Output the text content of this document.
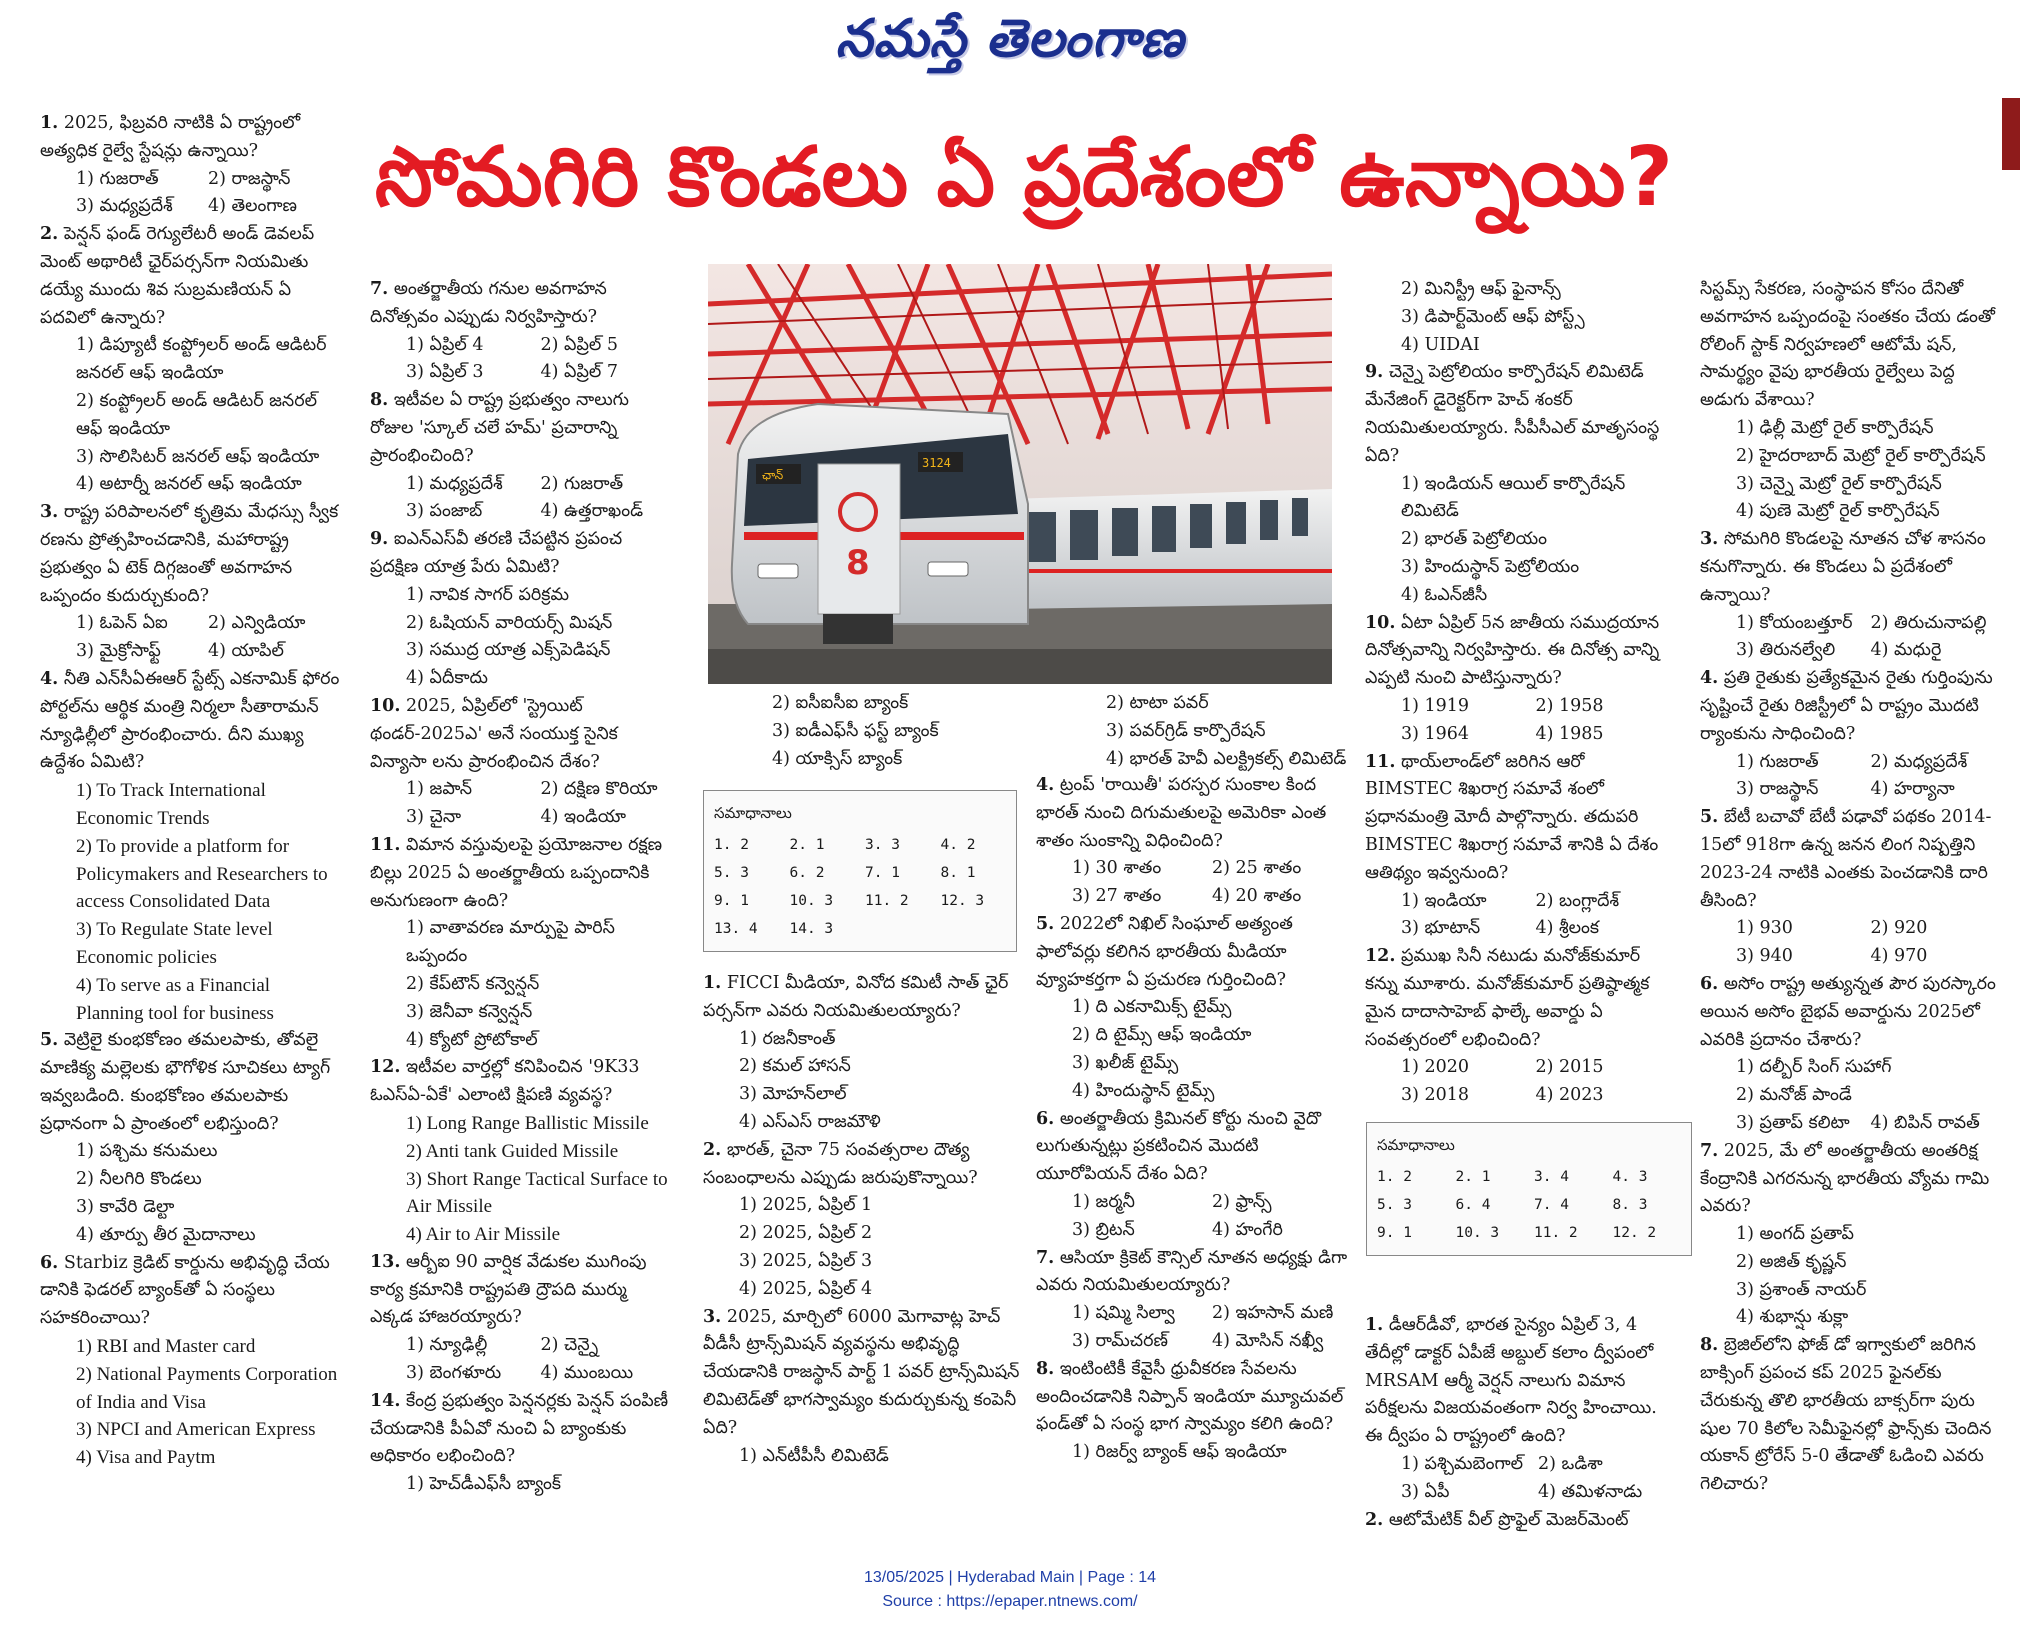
నమస్తే తెలంగాణ
సోమగిరి కొండలు ఏ ప్రదేశంలో ఉన్నాయి?

1. 2025, ఫిబ్రవరి నాటికి ఏ రాష్ట్రంలో అత్యధిక రైల్వే స్టేషన్లు ఉన్నాయి?

1) గుజరాత్	2) రాజస్థాన్
3) మధ్యప్రదేశ్	4) తెలంగాణ

2. పెన్షన్ ఫండ్ రెగ్యులేటరీ అండ్ డెవలప్ మెంట్ అథారిటీ ఛైర్‌పర్సన్‌గా నియమితు డయ్యే ముందు శివ సుబ్రమణియన్ ఏ పదవిలో ఉన్నారు?

1) డిప్యూటీ కంప్ట్రోలర్ అండ్ ఆడిటర్ జనరల్ ఆఫ్ ఇండియా

2) కంప్ట్రోలర్ అండ్ ఆడిటర్ జనరల్ ఆఫ్ ఇండియా

3) సొలిసిటర్ జనరల్ ఆఫ్ ఇండియా

4) అటార్నీ జనరల్ ఆఫ్ ఇండియా

3. రాష్ట్ర పరిపాలనలో కృత్రిమ మేధస్సు స్వీక రణను ప్రోత్సహించడానికి, మహారాష్ట్ర ప్రభుత్వం ఏ టెక్ దిగ్గజంతో అవగాహన ఒప్పందం కుదుర్చుకుంది?

1) ఓపెన్ ఏఐ	2) ఎన్విడియా
3) మైక్రోసాఫ్ట్	4) యాపిల్

4. నీతి ఎన్‌సీఏఈఆర్ స్టేట్స్ ఎకనామిక్ ఫోరం పోర్టల్‌ను ఆర్థిక మంత్రి నిర్మలా సీతారామన్ న్యూఢిల్లీలో ప్రారంభించారు. దీని ముఖ్య ఉద్దేశం ఏమిటి?

1) To Track International Economic Trends

2) To provide a platform for Policymakers and Researchers to access Consolidated Data

3) To Regulate State level Economic policies

4) To serve as a Financial Planning tool for business

5. వెట్రిలై కుంభకోణం తమలపాకు, తోవలై మాణిక్య మల్లెలకు భౌగోళిక సూచికలు ట్యాగ్ ఇవ్వబడింది. కుంభకోణం తమలపాకు ప్రధానంగా ఏ ప్రాంతంలో లభిస్తుంది?

1) పశ్చిమ కనుమలు

2) నీలగిరి కొండలు

3) కావేరి డెల్టా

4) తూర్పు తీర మైదానాలు

6. Starbiz క్రెడిట్ కార్డును అభివృద్ధి చేయ డానికి ఫెడరల్ బ్యాంక్‌తో ఏ సంస్థలు సహకరించాయి?

1) RBI and Master card

2) National Payments Corporation of India and Visa

3) NPCI and American Express

4) Visa and Paytm

7. అంతర్జాతీయ గనుల అవగాహన దినోత్సవం ఎప్పుడు నిర్వహిస్తారు?

1) ఏప్రిల్ 4	2) ఏప్రిల్ 5
3) ఏప్రిల్ 3	4) ఏప్రిల్ 7

8. ఇటీవల ఏ రాష్ట్ర ప్రభుత్వం నాలుగు రోజుల 'స్కూల్ చలే హమ్' ప్రచారాన్ని ప్రారంభించింది?

1) మధ్యప్రదేశ్	2) గుజరాత్
3) పంజాబ్	4) ఉత్తరాఖండ్

9. ఐఎన్ఎస్‌వీ తరణి చేపట్టిన ప్రపంచ ప్రదక్షిణ యాత్ర పేరు ఏమిటి?

1) నావిక సాగర్ పరిక్రమ

2) ఓషియన్ వారియర్స్ మిషన్

3) సముద్ర యాత్ర ఎక్స్‌పెడిషన్

4) ఏదీకాదు

10. 2025, ఏప్రిల్‌లో 'స్ట్రెయిట్ థండర్-2025ఎ' అనే సంయుక్త సైనిక విన్యాసా లను ప్రారంభించిన దేశం?

1) జపాన్	2) దక్షిణ కొరియా
3) చైనా	4) ఇండియా

11. విమాన వస్తువులపై ప్రయోజనాల రక్షణ బిల్లు 2025 ఏ అంతర్జాతీయ ఒప్పందానికి అనుగుణంగా ఉంది?

1) వాతావరణ మార్పుపై పారిస్ ఒప్పందం

2) కేప్‌టౌన్ కన్వెన్షన్

3) జెనీవా కన్వెన్షన్

4) క్యోటో ప్రోటోకాల్

12. ఇటీవల వార్తల్లో కనిపించిన '9K33 ఓఎస్ఏ-ఏకే' ఎలాంటి క్షిపణి వ్యవస్థ?

1) Long Range Ballistic Missile

2) Anti tank Guided Missile

3) Short Range Tactical Surface to Air Missile

4) Air to Air Missile

13. ఆర్బీఐ 90 వార్షిక వేడుకల ముగింపు కార్య క్రమానికి రాష్ట్రపతి ద్రౌపది ముర్ము ఎక్కడ హాజరయ్యారు?

1) న్యూఢిల్లీ	2) చెన్నై
3) బెంగళూరు	4) ముంబయి

14. కేంద్ర ప్రభుత్వం పెన్షనర్లకు పెన్షన్ పంపిణీ చేయడానికి పీఏవో నుంచి ఏ బ్యాంకుకు అధికారం లభించింది?

1) హెచ్‌డీఎఫ్‌సీ బ్యాంక్

ఛాన్
3124
8

2) ఐసీఐసీఐ బ్యాంక్

3) ఐడీఎఫ్‌సీ ఫస్ట్ బ్యాంక్

4) యాక్సిస్ బ్యాంక్

సమాధానాలు
1. 2	2. 1	3. 3	4. 2
5. 3	6. 2	7. 1	8. 1
9. 1	10. 3	11. 2	12. 3
13. 4	14. 3

1. FICCI మీడియా, వినోద కమిటీ సాత్ ఛైర్ పర్సన్‌గా ఎవరు నియమితులయ్యారు?

1) రజనీకాంత్

2) కమల్ హాసన్

3) మోహన్‌లాల్

4) ఎస్ఎస్ రాజమౌళి

2. భారత్, చైనా 75 సంవత్సరాల దౌత్య సంబంధాలను ఎప్పుడు జరుపుకొన్నాయి?

1) 2025, ఏప్రిల్ 1

2) 2025, ఏప్రిల్ 2

3) 2025, ఏప్రిల్ 3

4) 2025, ఏప్రిల్ 4

3. 2025, మార్చిలో 6000 మెగావాట్ల హెచ్ వీడీసీ ట్రాన్స్‌మిషన్ వ్యవస్థను అభివృద్ధి చేయడానికి రాజస్థాన్ పార్ట్ 1 పవర్ ట్రాన్స్‌మిషన్ లిమిటెడ్‌తో భాగస్వామ్యం కుదుర్చుకున్న కంపెనీ ఏది?

1) ఎన్‌టీపీసీ లిమిటెడ్

2) టాటా పవర్

3) పవర్‌గ్రిడ్ కార్పొరేషన్

4) భారత్ హెవీ ఎలక్ట్రికల్స్ లిమిటెడ్

4. ట్రంప్ 'రాయితీ' పరస్పర సుంకాల కింద భారత్ నుంచి దిగుమతులపై అమెరికా ఎంత శాతం సుంకాన్ని విధించింది?

1) 30 శాతం	2) 25 శాతం
3) 27 శాతం	4) 20 శాతం

5. 2022లో నిఖిల్ సింఘాల్ అత్యంత ఫాలోవర్లు కలిగిన భారతీయ మీడియా వ్యూహకర్తగా ఏ ప్రచురణ గుర్తించింది?

1) ది ఎకనామిక్స్ టైమ్స్

2) ది టైమ్స్ ఆఫ్ ఇండియా

3) ఖలీజ్ టైమ్స్

4) హిందుస్థాన్ టైమ్స్

6. అంతర్జాతీయ క్రిమినల్ కోర్టు నుంచి వైదొ లుగుతున్నట్లు ప్రకటించిన మొదటి యూరోపియన్ దేశం ఏది?

1) జర్మనీ	2) ఫ్రాన్స్
3) బ్రిటన్	4) హంగేరి

7. ఆసియా క్రికెట్ కౌన్సిల్ నూతన అధ్యక్షు డిగా ఎవరు నియమితులయ్యారు?

1) షమ్మి సిల్వా	2) ఇహసాన్ మణి
3) రామ్‌చరణ్	4) మోసిన్ నఖ్వీ

8. ఇంటింటికీ కేవైసీ ధ్రువీకరణ సేవలను అందించడానికి నిప్పాన్ ఇండియా మ్యూచువల్ ఫండ్‌తో ఏ సంస్థ భాగ స్వామ్యం కలిగి ఉంది?

1) రిజర్వ్ బ్యాంక్ ఆఫ్ ఇండియా

2) మినిస్ట్రీ ఆఫ్ ఫైనాన్స్

3) డిపార్ట్‌మెంట్ ఆఫ్ పోస్ట్స్

4) UIDAI

9. చెన్నై పెట్రోలియం కార్పొరేషన్ లిమిటెడ్ మేనేజింగ్ డైరెక్టర్‌గా హెచ్ శంకర్ నియమితులయ్యారు. సీపీసీఎల్ మాతృసంస్థ ఏది?

1) ఇండియన్ ఆయిల్ కార్పొరేషన్ లిమిటెడ్

2) భారత్ పెట్రోలియం

3) హిందుస్థాన్ పెట్రోలియం

4) ఓఎన్‌జీసీ

10. ఏటా ఏప్రిల్ 5న జాతీయ సముద్రయాన దినోత్సవాన్ని నిర్వహిస్తారు. ఈ దినోత్స వాన్ని ఎప్పటి నుంచి పాటిస్తున్నారు?

1) 1919	2) 1958
3) 1964	4) 1985

11. థాయ్‌లాండ్‌లో జరిగిన ఆరో BIMSTEC శిఖరాగ్ర సమావే శంలో ప్రధానమంత్రి మోదీ పాల్గొన్నారు. తదుపరి BIMSTEC శిఖరాగ్ర సమావే శానికి ఏ దేశం ఆతిథ్యం ఇవ్వనుంది?

1) ఇండియా	2) బంగ్లాదేశ్
3) భూటాన్	4) శ్రీలంక

12. ప్రముఖ సినీ నటుడు మనోజ్‌కుమార్ కన్ను మూశారు. మనోజ్‌కుమార్ ప్రతిష్ఠాత్మక మైన దాదాసాహెబ్ ఫాల్కే అవార్డు ఏ సంవత్సరంలో లభించింది?

1) 2020	2) 2015
3) 2018	4) 2023
సమాధానాలు
1. 2	2. 1	3. 4	4. 3
5. 3	6. 4	7. 4	8. 3
9. 1	10. 3	11. 2	12. 2

1. డీఆర్‌డీవో, భారత సైన్యం ఏప్రిల్ 3, 4 తేదీల్లో డాక్టర్ ఏపీజే అబ్దుల్ కలాం ద్వీపంలో MRSAM ఆర్మీ వెర్షన్ నాలుగు విమాన పరీక్షలను విజయవంతంగా నిర్వ హించాయి. ఈ ద్వీపం ఏ రాష్ట్రంలో ఉంది?

1) పశ్చిమబెంగాల్ 2) ఒడిశా
3) ఏపీ	4) తమిళనాడు

2. ఆటోమేటిక్ వీల్ ప్రొఫైల్ మెజర్‌మెంట్

సిస్టమ్స్ సేకరణ, సంస్థాపన కోసం దేనితో అవగాహన ఒప్పందంపై సంతకం చేయ డంతో రోలింగ్ స్టాక్ నిర్వహణలో ఆటోమే షన్, సామర్థ్యం వైపు భారతీయ రైల్వేలు పెద్ద అడుగు వేశాయి?

1) ఢిల్లీ మెట్రో రైల్ కార్పొరేషన్

2) హైదరాబాద్ మెట్రో రైల్ కార్పొరేషన్

3) చెన్నై మెట్రో రైల్ కార్పొరేషన్

4) పుణె మెట్రో రైల్ కార్పొరేషన్

3. సోమగిరి కొండలపై నూతన చోళ శాసనం కనుగొన్నారు. ఈ కొండలు ఏ ప్రదేశంలో ఉన్నాయి?

1) కోయంబత్తూర్	2) తిరుచునాపల్లి
3) తిరునల్వేలి	4) మధురై

4. ప్రతి రైతుకు ప్రత్యేకమైన రైతు గుర్తింపును సృష్టించే రైతు రిజిస్ట్రీలో ఏ రాష్ట్రం మొదటి ర్యాంకును సాధించింది?

1) గుజరాత్	2) మధ్యప్రదేశ్
3) రాజస్థాన్	4) హర్యానా

5. బేటీ బచావో బేటీ పఢావో పథకం 2014-15లో 918గా ఉన్న జనన లింగ నిష్పత్తిని 2023-24 నాటికి ఎంతకు పెంచడానికి దారి తీసింది?

1) 930	2) 920
3) 940	4) 970

6. అసోం రాష్ట్ర అత్యున్నత పౌర పురస్కారం అయిన అసోం బైభవ్ అవార్డును 2025లో ఎవరికి ప్రదానం చేశారు?

1) దల్బీర్ సింగ్ సుహాగ్

2) మనోజ్ పాండే

3) ప్రతాప్ కలిటా	4) బిపిన్ రావత్

7. 2025, మే లో అంతర్జాతీయ అంతరిక్ష కేంద్రానికి ఎగరనున్న భారతీయ వ్యోమ గామి ఎవరు?

1) అంగద్ ప్రతాప్

2) అజిత్ కృష్ణన్

3) ప్రశాంత్ నాయర్

4) శుభాన్షు శుక్లా

8. బ్రెజిల్‌లోని ఫోజ్ డో ఇగ్వాకులో జరిగిన బాక్సింగ్ ప్రపంచ కప్ 2025 ఫైనల్‌కు చేరుకున్న తొలి భారతీయ బాక్సర్‌గా పురు షుల 70 కిలోల సెమీఫైనల్లో ఫ్రాన్స్‌కు చెందిన యకాన్ ట్రోరేస్ 5-0 తేడాతో ఓడించి ఎవరు గెలిచారు?

13/05/2025 | Hyderabad Main | Page : 14
Source : https://epaper.ntnews.com/
